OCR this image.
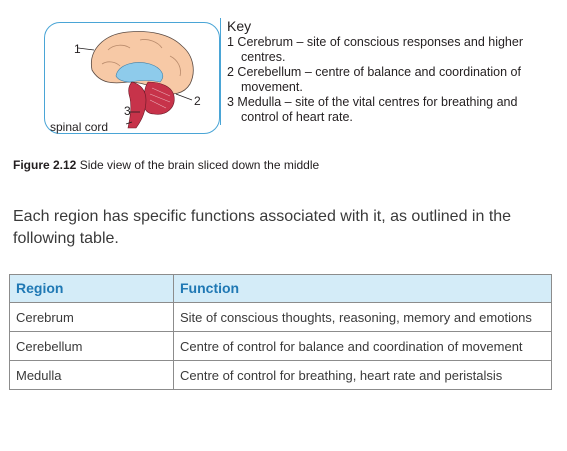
1
2
3
spinal cord

Key

1 Cerebrum – site of conscious responses and higher centres.

2 Cerebellum – centre of balance and coordination of movement.

3 Medulla – site of the vital centres for breathing and control of heart rate.

Figure 2.12 Side view of the brain sliced down the middle

Each region has specific functions associated with it, as outlined in the following table.

Region	Function
Cerebrum	Site of conscious thoughts, reasoning, memory and emotions
Cerebellum	Centre of control for balance and coordination of movement
Medulla	Centre of control for breathing, heart rate and peristalsis
